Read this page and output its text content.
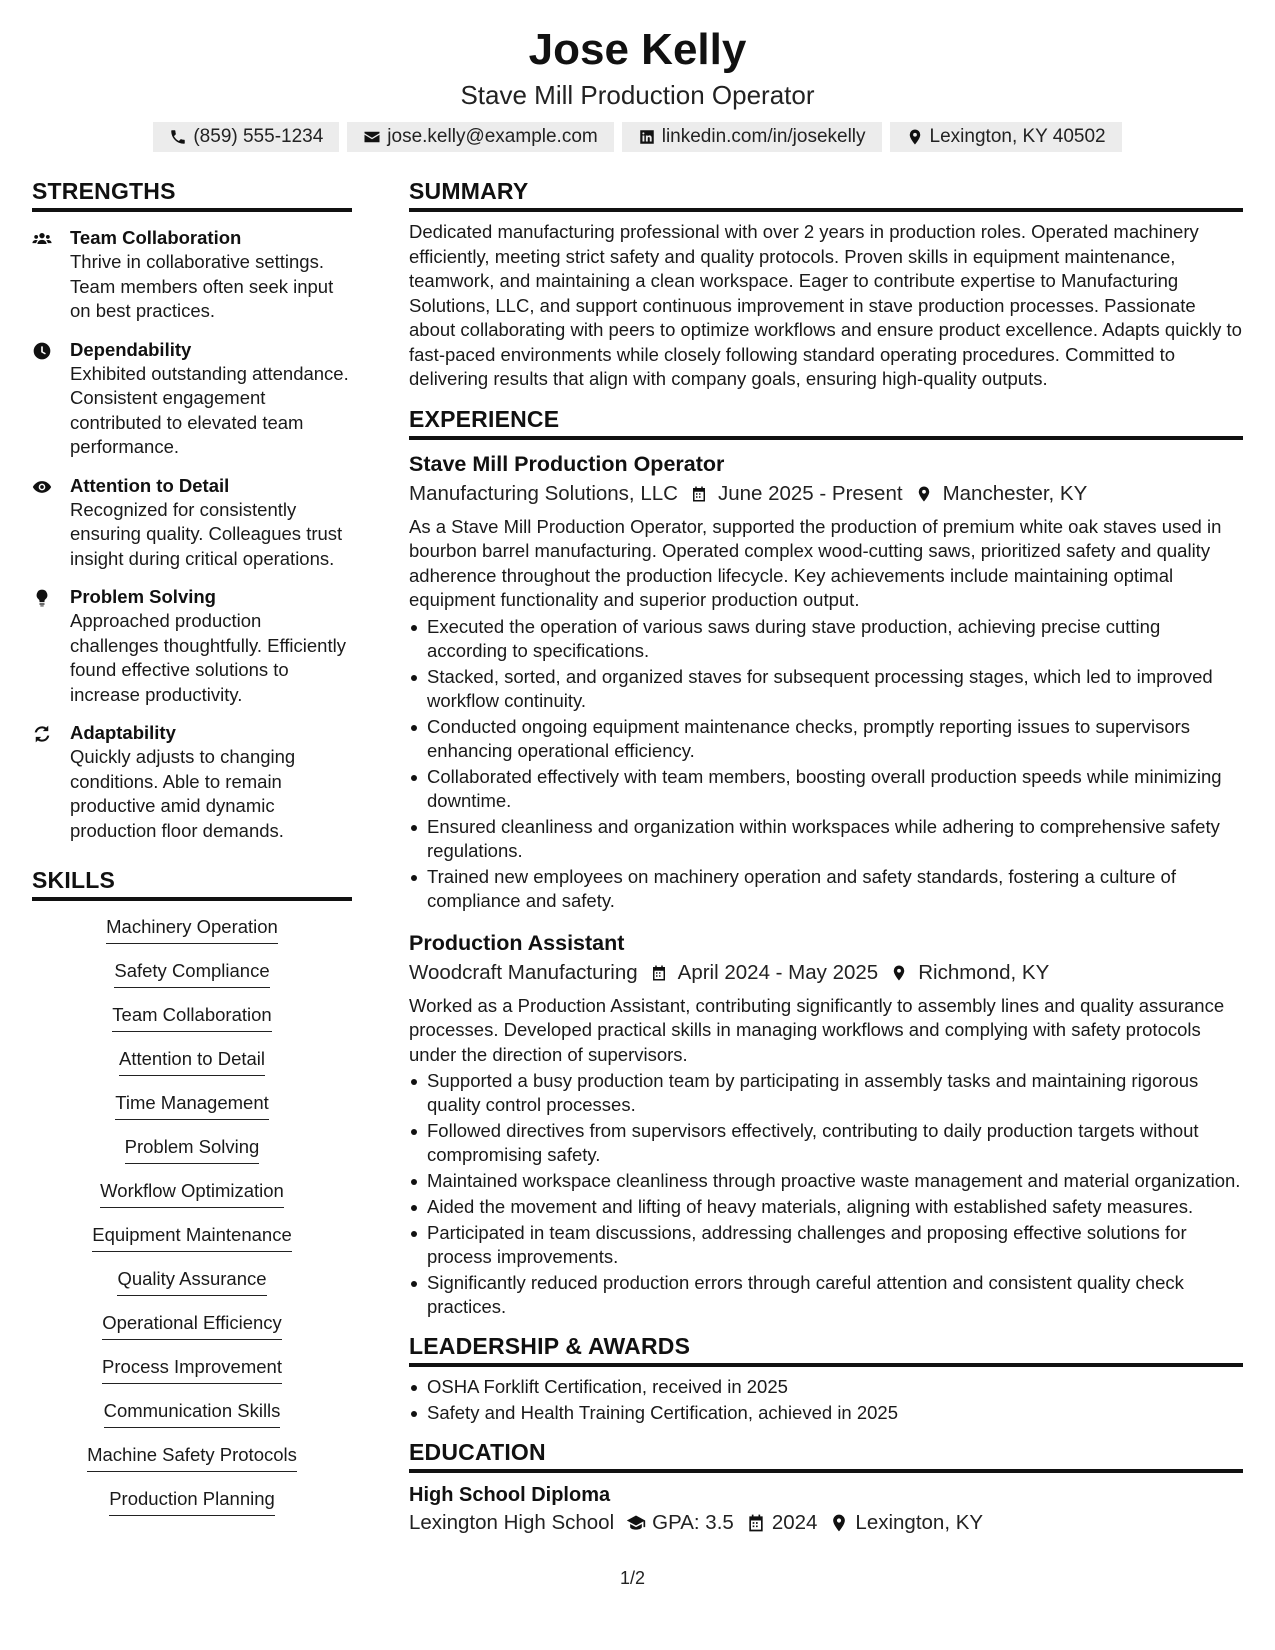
Jose Kelly
Stave Mill Production Operator
(859) 555-1234	jose.kelly@example.com	linkedin.com/in/josekelly	Lexington, KY 40502
STRENGTHS
Team Collaboration
Thrive in collaborative settings. Team members often seek input on best practices.
Dependability
Exhibited outstanding attendance. Consistent engagement contributed to elevated team performance.
Attention to Detail
Recognized for consistently ensuring quality. Colleagues trust insight during critical operations.
Problem Solving
Approached production challenges thoughtfully. Efficiently found effective solutions to increase productivity.
Adaptability
Quickly adjusts to changing conditions. Able to remain productive amid dynamic production floor demands.
SKILLS
Machinery Operation
Safety Compliance
Team Collaboration
Attention to Detail
Time Management
Problem Solving
Workflow Optimization
Equipment Maintenance
Quality Assurance
Operational Efficiency
Process Improvement
Communication Skills
Machine Safety Protocols
Production Planning
SUMMARY
Dedicated manufacturing professional with over 2 years in production roles. Operated machinery efficiently, meeting strict safety and quality protocols. Proven skills in equipment maintenance, teamwork, and maintaining a clean workspace. Eager to contribute expertise to Manufacturing Solutions, LLC, and support continuous improvement in stave production processes. Passionate about collaborating with peers to optimize workflows and ensure product excellence. Adapts quickly to fast-paced environments while closely following standard operating procedures. Committed to delivering results that align with company goals, ensuring high-quality outputs.
EXPERIENCE
Stave Mill Production Operator
Manufacturing Solutions, LLC June 2025 - Present Manchester, KY
As a Stave Mill Production Operator, supported the production of premium white oak staves used in bourbon barrel manufacturing. Operated complex wood-cutting saws, prioritized safety and quality adherence throughout the production lifecycle. Key achievements include maintaining optimal equipment functionality and superior production output.
Executed the operation of various saws during stave production, achieving precise cutting according to specifications.
Stacked, sorted, and organized staves for subsequent processing stages, which led to improved workflow continuity.
Conducted ongoing equipment maintenance checks, promptly reporting issues to supervisors enhancing operational efficiency.
Collaborated effectively with team members, boosting overall production speeds while minimizing downtime.
Ensured cleanliness and organization within workspaces while adhering to comprehensive safety regulations.
Trained new employees on machinery operation and safety standards, fostering a culture of compliance and safety.
Production Assistant
Woodcraft Manufacturing April 2024 - May 2025 Richmond, KY
Worked as a Production Assistant, contributing significantly to assembly lines and quality assurance processes. Developed practical skills in managing workflows and complying with safety protocols under the direction of supervisors.
Supported a busy production team by participating in assembly tasks and maintaining rigorous quality control processes.
Followed directives from supervisors effectively, contributing to daily production targets without compromising safety.
Maintained workspace cleanliness through proactive waste management and material organization.
Aided the movement and lifting of heavy materials, aligning with established safety measures.
Participated in team discussions, addressing challenges and proposing effective solutions for process improvements.
Significantly reduced production errors through careful attention and consistent quality check practices.
LEADERSHIP & AWARDS
OSHA Forklift Certification, received in 2025
Safety and Health Training Certification, achieved in 2025
EDUCATION
High School Diploma
Lexington High School GPA: 3.5 2024 Lexington, KY
1/2
